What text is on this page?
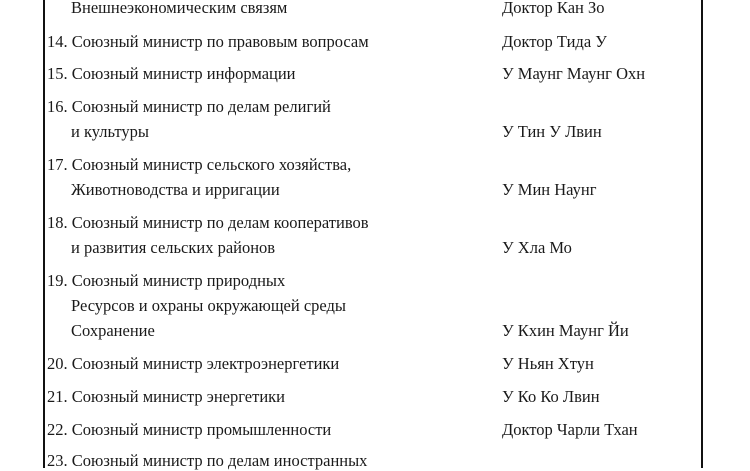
Внешнеэкономическим связям	Доктор Кан Зо
14. Союзный министр по правовым вопросам	Доктор Тида У
15. Союзный министр информации	У Маунг Маунг Охн
16. Союзный министр по делам религий
и культуры	У Тин У Лвин
17. Союзный министр сельского хозяйства,
Животноводства и ирригации	У Мин Наунг
18. Союзный министр по делам кооперативов
и развития сельских районов	У Хла Мо
19. Союзный министр природных
Ресурсов и охраны окружающей среды
Сохранение	У Кхин Маунг Йи
20. Союзный министр электроэнергетики	У Ньян Хтун
21. Союзный министр энергетики	У Ко Ко Лвин
22. Союзный министр промышленности	Доктор Чарли Тхан
23. Союзный министр по делам иностранных
